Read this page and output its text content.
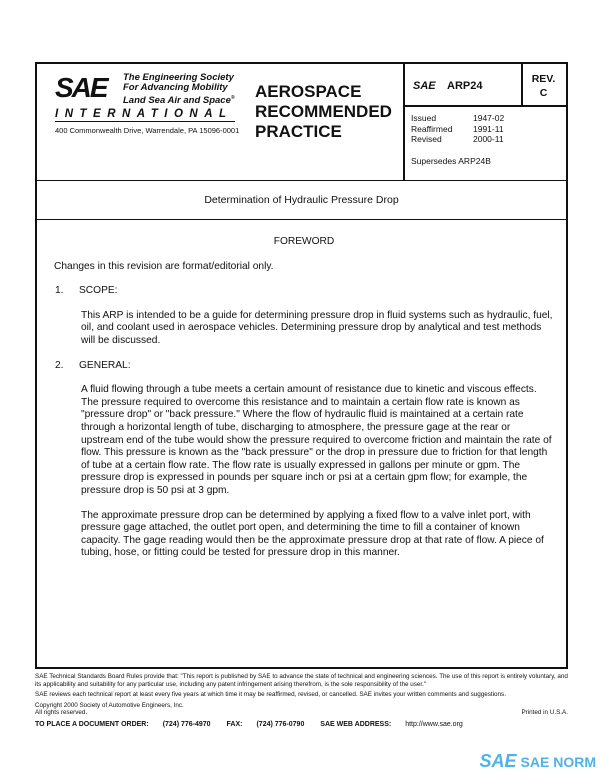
SAE The Engineering Society
For Advancing Mobility
Land Sea Air and Space®
INTERNATIONAL
400 Commonwealth Drive, Warrendale, PA 15096-0001
AEROSPACE
RECOMMENDED
PRACTICE
SAE ARP24
REV.
C
Issued	1947-02
Reaffirmed 1991-11
Revised	2000-11
Supersedes ARP24B
Determination of Hydraulic Pressure Drop
FOREWORD

Changes in this revision are format/editorial only.

1. SCOPE:

This ARP is intended to be a guide for determining pressure drop in fluid systems such as hydraulic, fuel, oil, and coolant used in aerospace vehicles. Determining pressure drop by analytical and test methods will be discussed.

2. GENERAL:

A fluid flowing through a tube meets a certain amount of resistance due to kinetic and viscous effects. The pressure required to overcome this resistance and to maintain a certain flow rate is known as "pressure drop" or "back pressure." Where the flow of hydraulic fluid is maintained at a certain rate through a horizontal length of tube, discharging to atmosphere, the pressure gage at the rear or upstream end of the tube would show the pressure required to overcome friction and maintain the rate of flow. This pressure is known as the "back pressure" or the drop in pressure due to friction for that length of tube at a certain flow rate. The flow rate is usually expressed in gallons per minute or gpm. The pressure drop is expressed in pounds per square inch or psi at a certain gpm flow; for example, the pressure drop is 50 psi at 3 gpm.

The approximate pressure drop can be determined by applying a fixed flow to a valve inlet port, with pressure gage attached, the outlet port open, and determining the time to fill a container of known capacity. The gage reading would then be the approximate pressure drop at that rate of flow. A piece of tubing, hose, or fitting could be tested for pressure drop in this manner.

SAE Technical Standards Board Rules provide that: "This report is published by SAE to advance the state of technical and engineering sciences. The use of this report is entirely voluntary, and its applicability and suitability for any particular use, including any patent infringement arising therefrom, is the sole responsibility of the user."

SAE reviews each technical report at least every five years at which time it may be reaffirmed, revised, or cancelled. SAE invites your written comments and suggestions.

Copyright 2000 Society of Automotive Engineers, Inc.
All rights reserved.	Printed in U.S.A.
TO PLACE A DOCUMENT ORDER: (724) 776-4970 FAX: (724) 776-0790 SAE WEB ADDRESS: http://www.sae.org
SAE SAE NORM
